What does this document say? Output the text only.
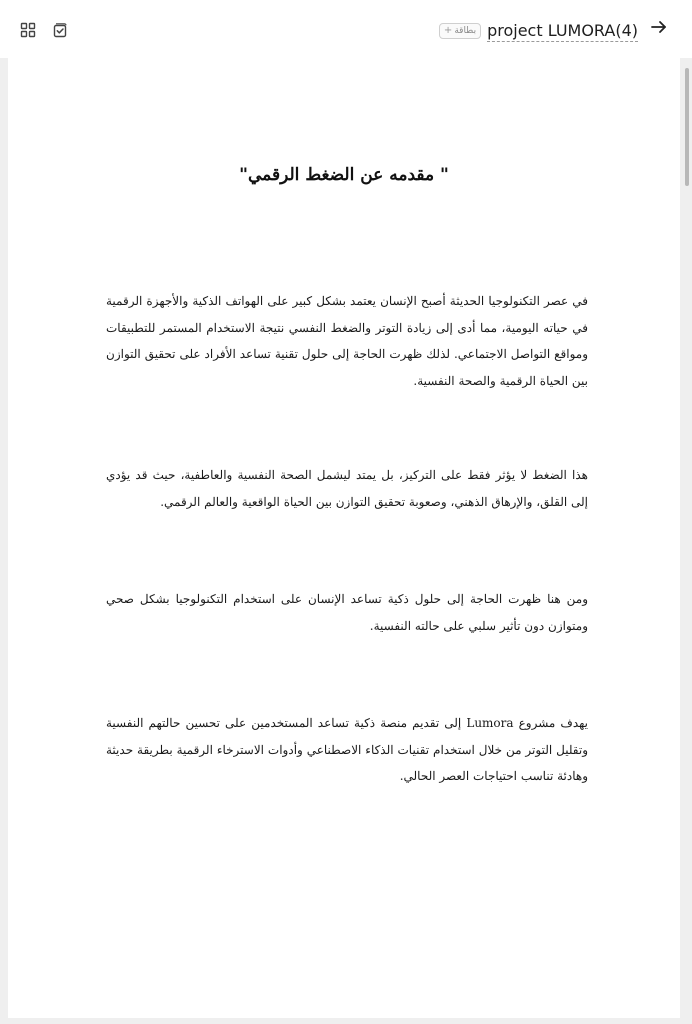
+ بطاقة project LUMORA(4)
" مقدمه عن الضغط الرقمي"

في عصر التكنولوجيا الحديثة أصبح الإنسان يعتمد بشكل كبير على الهواتف الذكية والأجهزة الرقمية في حياته اليومية، مما أدى إلى زيادة التوتر والضغط النفسي نتيجة الاستخدام المستمر للتطبيقات ومواقع التواصل الاجتماعي. لذلك ظهرت الحاجة إلى حلول تقنية تساعد الأفراد على تحقيق التوازن بين الحياة الرقمية والصحة النفسية.

هذا الضغط لا يؤثر فقط على التركيز، بل يمتد ليشمل الصحة النفسية والعاطفية، حيث قد يؤدي إلى القلق، والإرهاق الذهني، وصعوبة تحقيق التوازن بين الحياة الواقعية والعالم الرقمي.

ومن هنا ظهرت الحاجة إلى حلول ذكية تساعد الإنسان على استخدام التكنولوجيا بشكل صحي ومتوازن دون تأثير سلبي على حالته النفسية.

يهدف مشروع Lumora إلى تقديم منصة ذكية تساعد المستخدمين على تحسين حالتهم النفسية وتقليل التوتر من خلال استخدام تقنيات الذكاء الاصطناعي وأدوات الاسترخاء الرقمية بطريقة حديثة وهادئة تناسب احتياجات العصر الحالي.
